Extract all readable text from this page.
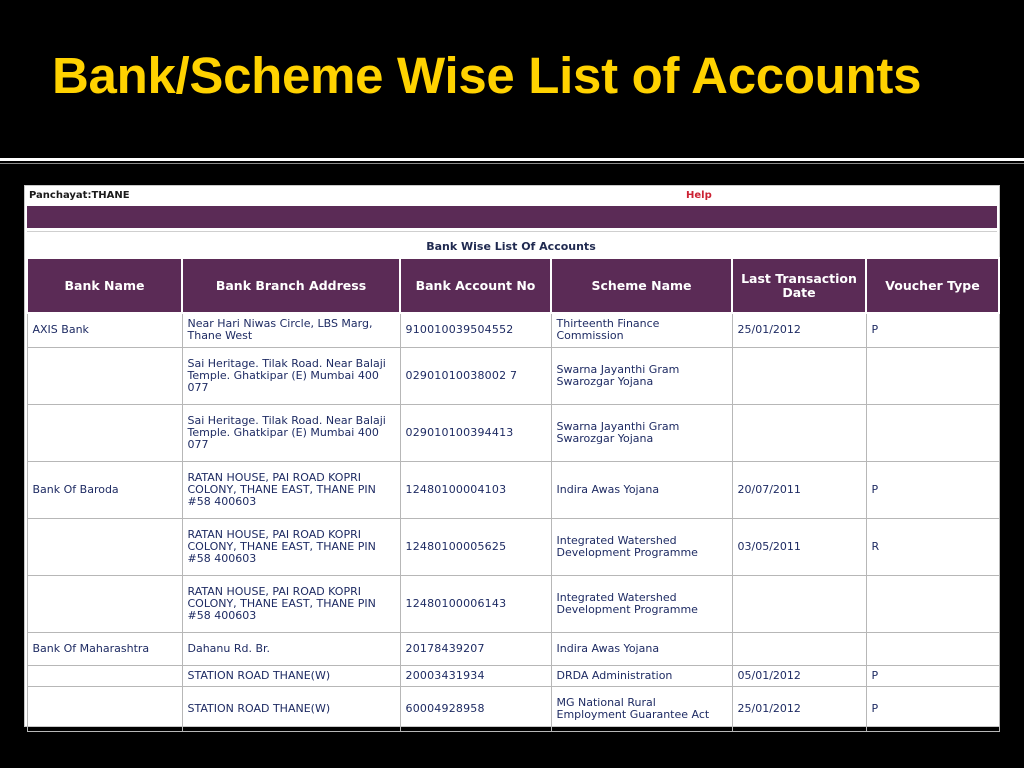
Bank/Scheme Wise List of Accounts
Panchayat:THANE	Help
Bank Wise List Of Accounts
Bank Name	Bank Branch Address	Bank Account No	Scheme Name	Last Transaction Date	Voucher Type
AXIS Bank	Near Hari Niwas Circle, LBS Marg, Thane West	910010039504552	Thirteenth Finance Commission	25/01/2012	P
	Sai Heritage. Tilak Road. Near Balaji Temple. Ghatkipar (E) Mumbai 400 077	02901010038002 7	Swarna Jayanthi Gram Swarozgar Yojana		
	Sai Heritage. Tilak Road. Near Balaji Temple. Ghatkipar (E) Mumbai 400 077	029010100394413	Swarna Jayanthi Gram Swarozgar Yojana		
Bank Of Baroda	RATAN HOUSE, PAI ROAD KOPRI COLONY, THANE EAST, THANE PIN #58 400603	12480100004103	Indira Awas Yojana	20/07/2011	P
	RATAN HOUSE, PAI ROAD KOPRI COLONY, THANE EAST, THANE PIN #58 400603	12480100005625	Integrated Watershed Development Programme	03/05/2011	R
	RATAN HOUSE, PAI ROAD KOPRI COLONY, THANE EAST, THANE PIN #58 400603	12480100006143	Integrated Watershed Development Programme		
Bank Of Maharashtra	Dahanu Rd. Br.	20178439207	Indira Awas Yojana		
	STATION ROAD THANE(W)	20003431934	DRDA Administration	05/01/2012	P
	STATION ROAD THANE(W)	60004928958	MG National Rural Employment Guarantee Act	25/01/2012	P
